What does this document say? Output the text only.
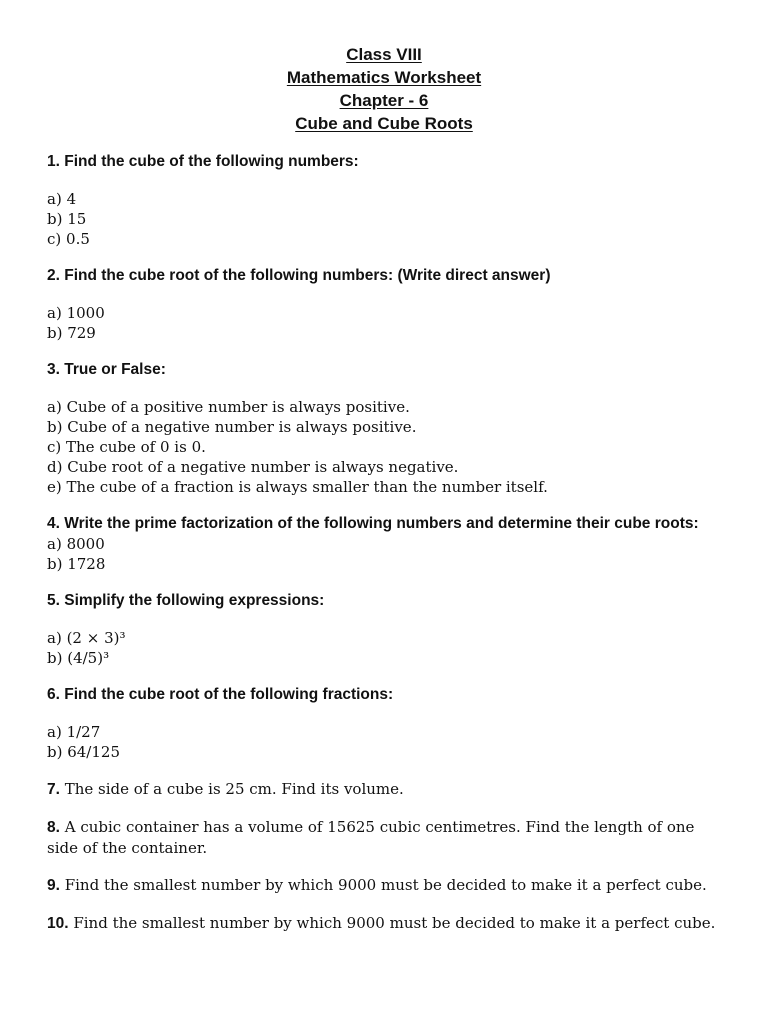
Class VIII
Mathematics Worksheet
Chapter - 6
Cube and Cube Roots

1. Find the cube of the following numbers:

a) 4

b) 15

c) 0.5

2. Find the cube root of the following numbers: (Write direct answer)

a) 1000

b) 729

3. True or False:

a) Cube of a positive number is always positive.

b) Cube of a negative number is always positive.

c) The cube of 0 is 0.

d) Cube root of a negative number is always negative.

e) The cube of a fraction is always smaller than the number itself.

4. Write the prime factorization of the following numbers and determine their cube roots:

a) 8000

b) 1728

5. Simplify the following expressions:

a) (2 × 3)³

b) (4/5)³

6. Find the cube root of the following fractions:

a) 1/27

b) 64/125

7. The side of a cube is 25 cm. Find its volume.

8. A cubic container has a volume of 15625 cubic centimetres. Find the length of one side of the container.

9. Find the smallest number by which 9000 must be decided to make it a perfect cube.

10. Find the smallest number by which 9000 must be decided to make it a perfect cube.
